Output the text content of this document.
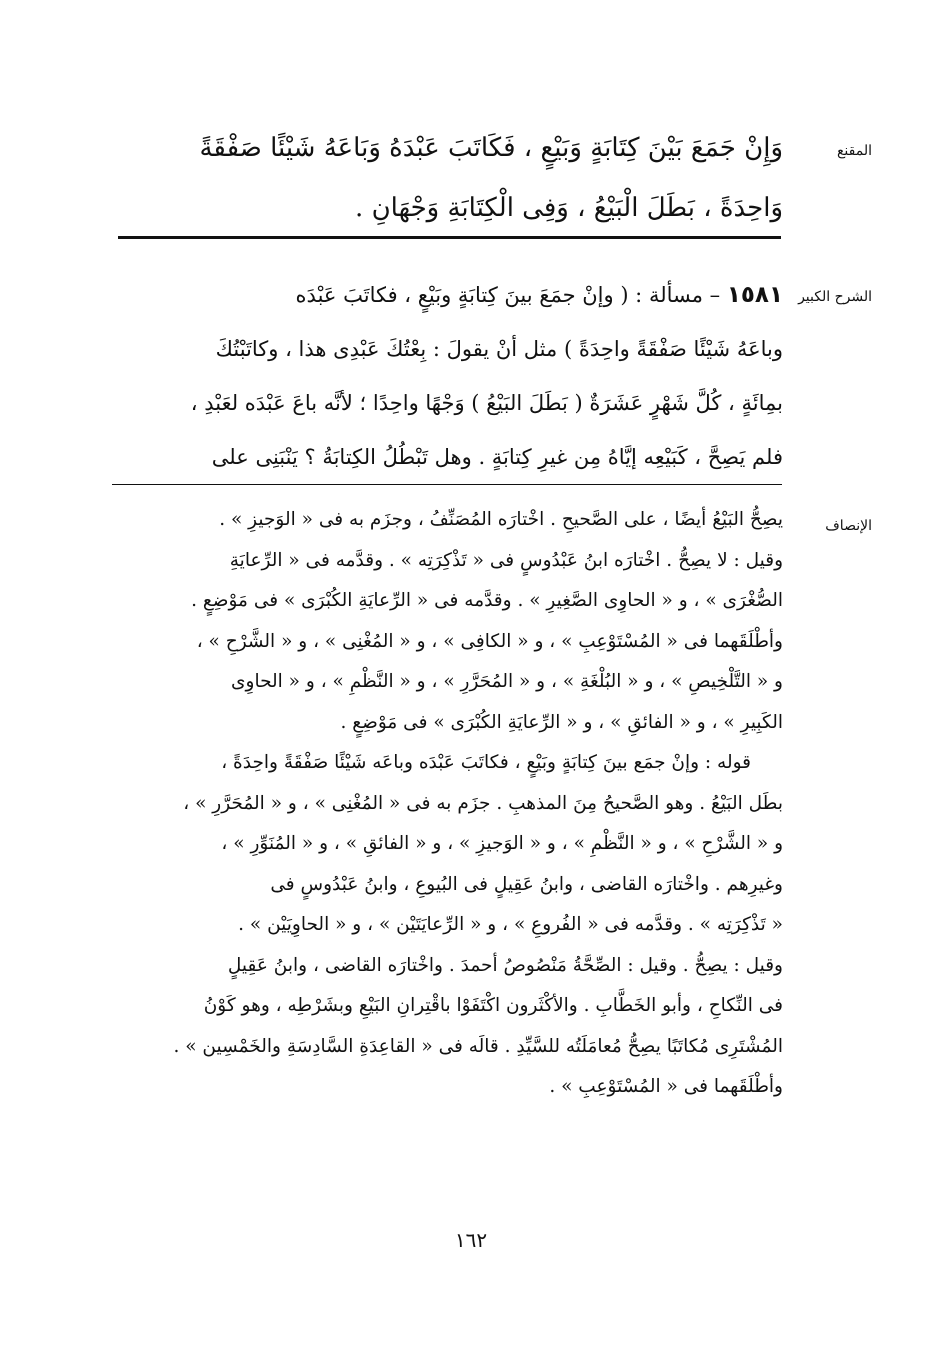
المقنع
الشرح الكبير
الإنصاف
وَإِنْ جَمَعَ بَيْنَ كِتَابَةٍ وَبَيْعٍ ، فَكَاتَبَ عَبْدَهُ وَبَاعَهُ شَيْئًا صَفْقَةً
وَاحِدَةً ، بَطَلَ الْبَيْعُ ، وَفِى الْكِتَابَةِ وَجْهَانِ .
١٥٨١ – مسألة : ( وإنْ جمَعَ بينَ كِتابَةٍ وبَيْعٍ ، فكاتَبَ عَبْدَه
وباعَهُ شَيْئًا صَفْقَةً واحِدَةً ) مثل أنْ يقولَ : بِعْتُكَ عَبْدِى هذا ، وكاتَبْتُكَ
بمِائَةٍ ، كُلَّ شَهْرٍ عَشَرَةٌ ( بَطَلَ البَيْعُ ) وَجْهًا واحِدًا ؛ لأنَّه باعَ عَبْدَه لعَبْدِ ،
فلم يَصِحَّ ، كَبَيْعِه إيَّاهُ مِن غيرِ كِتابَةٍ . وهل تَبْطُلُ الكِتابَةُ ؟ يَنْبَنِى على
يصِحُّ البَيْعُ أيضًا ، على الصَّحيحِ . اخْتارَه المُصَنِّفُ ، وجزَم به فى « الوَجيزِ » .
وقيل : لا يصِحُّ . اخْتارَه ابنُ عَبْدُوسٍ فى « تَذْكِرَتِه » . وقدَّمه فى « الرِّعايَةِ
الصُّغْرَى » ، و « الحاوِى الصَّغِيرِ » . وقدَّمه فى « الرِّعايَةِ الكُبْرَى » فى مَوْضِعٍ .
وأطْلَقَهما فى « المُسْتَوْعِبِ » ، و « الكافِى » ، و « المُغْنِى » ، و « الشَّرْحِ » ،
و « التَّلْخِيصِ » ، و « البُلْغَةِ » ، و « المُحَرَّرِ » ، و « النَّظْمِ » ، و « الحاوِى
الكَبِيرِ » ، و « الفائقِ » ، و « الرِّعايَةِ الكُبْرَى » فى مَوْضِعٍ .
قوله : وإنْ جمَع بينَ كِتابَةٍ وبَيْعٍ ، فكاتَبَ عَبْدَه وباعَه شَيْئًا صَفْقَةً واحِدَةً ،
بطَل البَيْعُ . وهو الصَّحيحُ مِنَ المذهبِ . جزَم به فى « المُغْنِى » ، و « المُحَرَّرِ » ،
و « الشَّرْحِ » ، و « النَّظْمِ » ، و « الوَجيزِ » ، و « الفائقِ » ، و « المُنَوِّرِ » ،
وغيرِهم . واخْتارَه القاضى ، وابنُ عَقِيلٍ فى البُيوعِ ، وابنُ عَبْدُوسٍ فى
« تَذْكِرَتِه » . وقدَّمه فى « الفُروعِ » ، و « الرِّعايَتَيْن » ، و « الحاوِيَيْن » .
وقيل : يصِحُّ . وقيل : الصِّحَّةُ مَنْصُوصُ أحمدَ . واخْتارَه القاضى ، وابنُ عَقِيلٍ
فى النِّكاحِ ، وأبو الخَطَّابِ . والأكْثَرون اكْتَفَوْا باقْتِرانِ البَيْعِ وبشَرْطِه ، وهو كَوْنُ
المُشْتَرِى مُكاتَبًا يصِحُّ مُعامَلَتُه للسَّيِّدِ . قالَه فى « القاعِدَةِ السَّادِسَةِ والخَمْسِين » .
وأطْلَقَهما فى « المُسْتَوْعِبِ » .
١٦٢
